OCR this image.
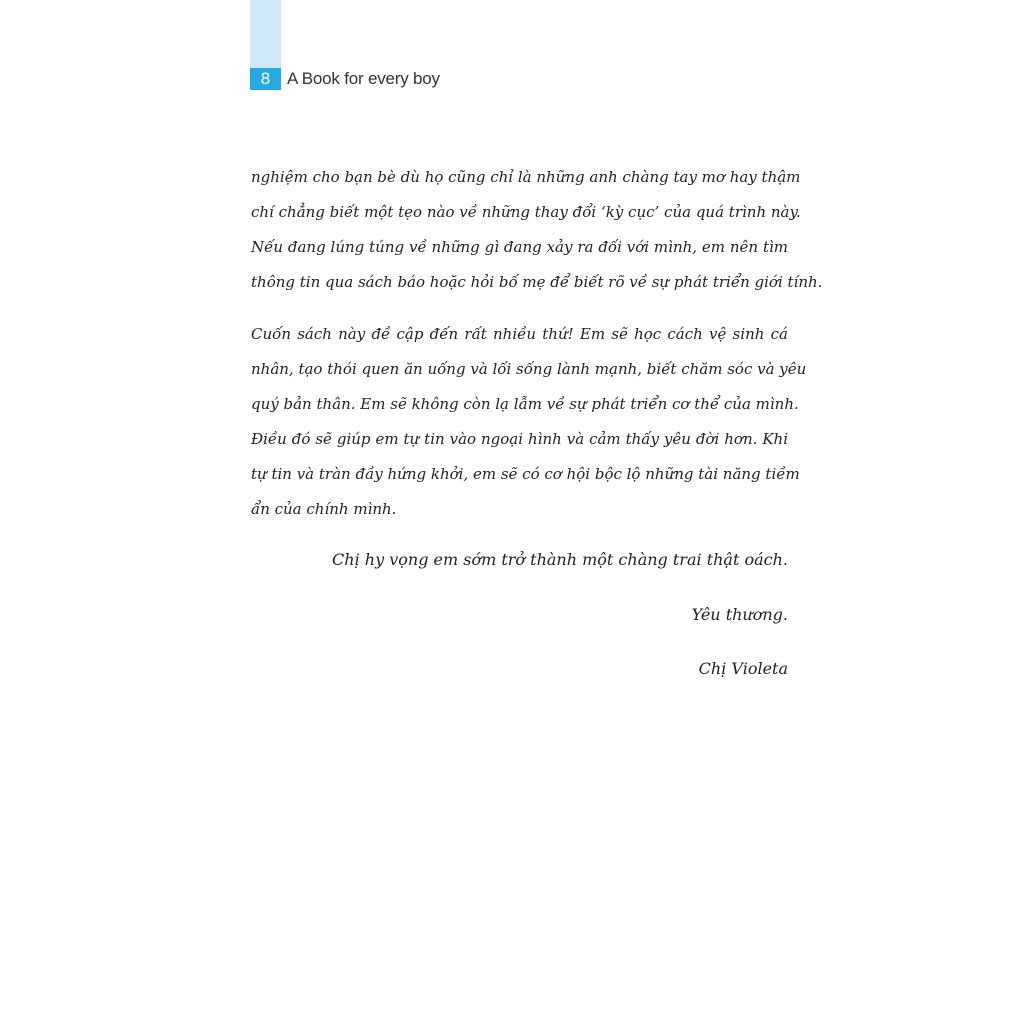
8 A Book for every boy
nghiệm cho bạn bè dù họ cũng chỉ là những anh chàng tay mơ hay thậm
chí chẳng biết một tẹo nào về những thay đổi ‘kỳ cục’ của quá trình này.
Nếu đang lúng túng về những gì đang xảy ra đối với mình, em nên tìm
thông tin qua sách báo hoặc hỏi bố mẹ để biết rõ về sự phát triển giới tính.
Cuốn sách này đề cập đến rất nhiều thứ! Em sẽ học cách vệ sinh cá
nhân, tạo thói quen ăn uống và lối sống lành mạnh, biết chăm sóc và yêu
quý bản thân. Em sẽ không còn lạ lẫm về sự phát triển cơ thể của mình.
Điều đó sẽ giúp em tự tin vào ngoại hình và cảm thấy yêu đời hơn. Khi
tự tin và tràn đầy hứng khởi, em sẽ có cơ hội bộc lộ những tài năng tiềm
ẩn của chính mình.
Chị hy vọng em sớm trở thành một chàng trai thật oách.
Yêu thương.
Chị Violeta
